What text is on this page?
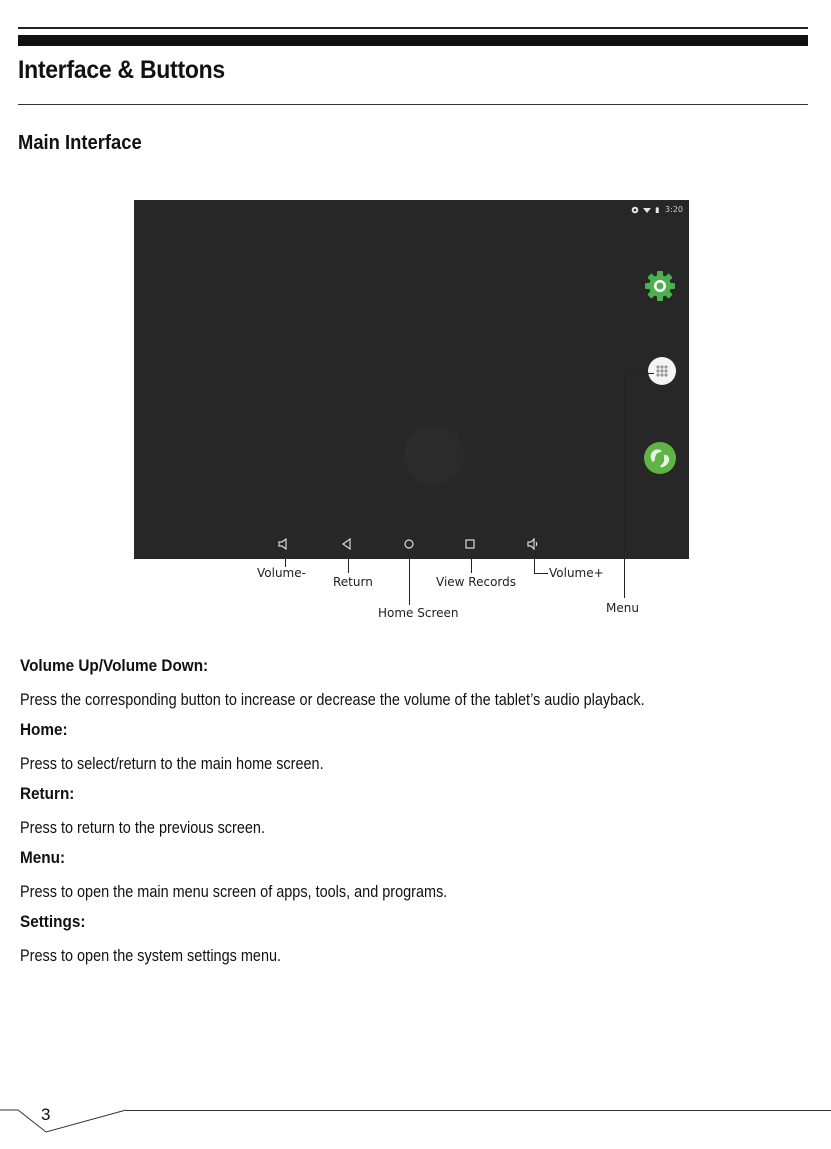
Interface & Buttons
Main Interface
3:20
Volume-
Return
Home Screen
View Records
Volume+
Menu
Volume Up/Volume Down:

Press the corresponding button to increase or decrease the volume of the tablet’s audio playback.

Home:

Press to select/return to the main home screen.

Return:

Press to return to the previous screen.

Menu:

Press to open the main menu screen of apps, tools, and programs.

Settings:

Press to open the system settings menu.

3
